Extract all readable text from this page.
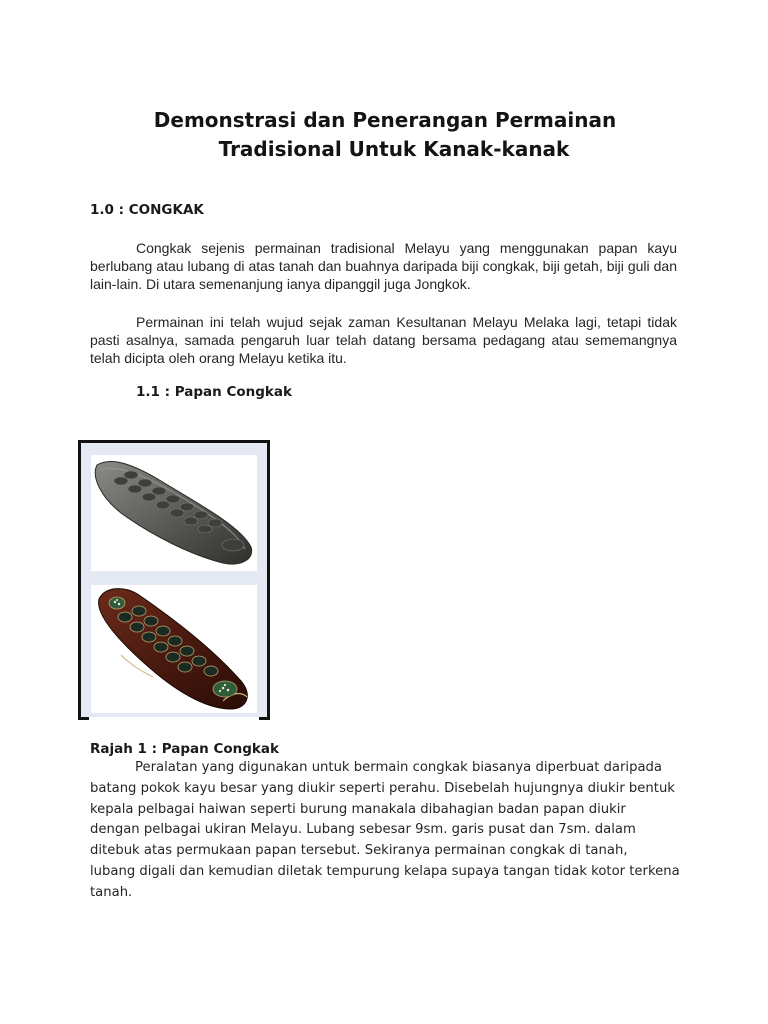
Demonstrasi dan Penerangan Permainan
Tradisional Untuk Kanak-kanak
1.0 : CONGKAK
Congkak sejenis permainan tradisional Melayu yang menggunakan papan kayu berlubang atau lubang di atas tanah dan buahnya daripada biji congkak, biji getah, biji guli dan lain-lain. Di utara semenanjung ianya dipanggil juga Jongkok.
Permainan ini telah wujud sejak zaman Kesultanan Melayu Melaka lagi, tetapi tidak pasti asalnya, samada pengaruh luar telah datang bersama pedagang atau sememangnya telah dicipta oleh orang Melayu ketika itu.
1.1 : Papan Congkak
Rajah 1 : Papan Congkak
Peralatan yang digunakan untuk bermain congkak biasanya diperbuat daripada
batang pokok kayu besar yang diukir seperti perahu. Disebelah hujungnya diukir bentuk
kepala pelbagai haiwan seperti burung manakala dibahagian badan papan diukir
dengan pelbagai ukiran Melayu. Lubang sebesar 9sm. garis pusat dan 7sm. dalam
ditebuk atas permukaan papan tersebut. Sekiranya permainan congkak di tanah,
lubang digali dan kemudian diletak tempurung kelapa supaya tangan tidak kotor terkena
tanah.
